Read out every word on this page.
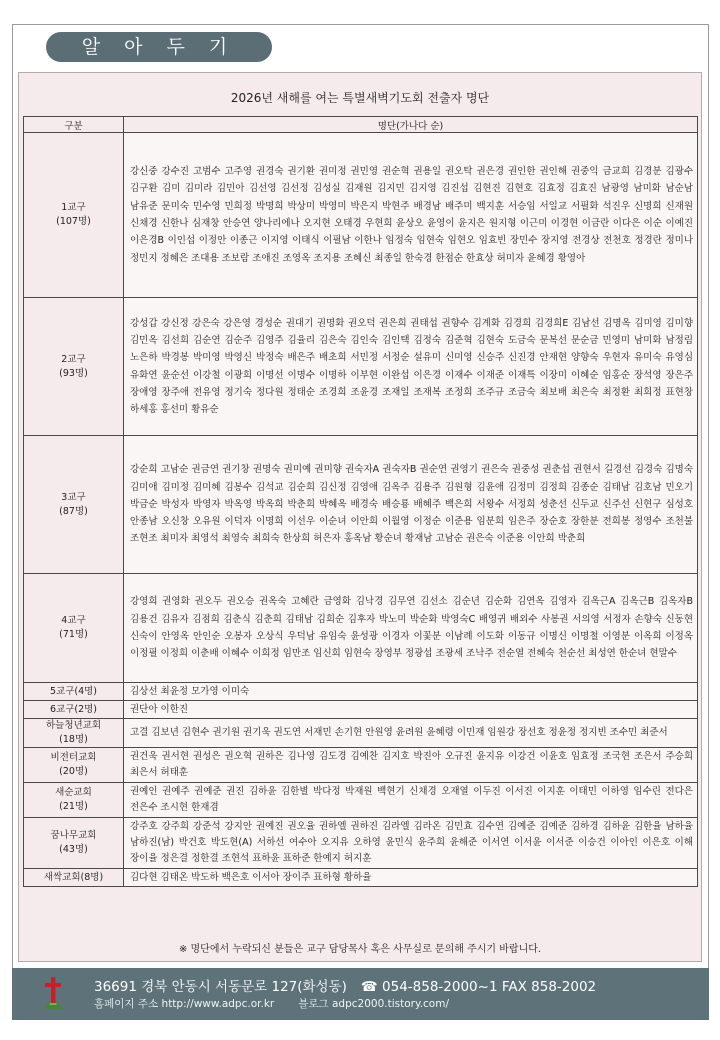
알 아 두 기
2026년 새해를 여는 특별새벽기도회 전출자 명단
구분	명단(가나다 순)

1교구
(107명)	강신중 강수진 고범수 고주영 권경숙 권기환 권미정 권민영 권순혁 권용일 권오탁 권은경 권인한 권인해 권중익 금교희 김경분 김광수 김구환 김미 김미라 김민아 김선영 김선정 김성실 김재원 김지민 김지영 김진섭 김현진 김현호 김효정 김효진 남광영 남미화 남순남 남유준 문미숙 민수영 민희정 박명희 박상미 박영미 박은지 박현주 배경남 배주미 백지훈 서승임 서일교 서필화 석진우 신명희 신재원 신채경 신한나 심재창 안승연 양나리에나 오지현 오태경 우현희 윤상오 윤영이 윤지은 원지형 이근미 이경현 이금란 이다은 이순 이예진 이은경B 이인섭 이정안 이종근 이지영 이태식 이필남 이한나 임정숙 임현숙 임현오 임효빈 장민수 장지영 전경상 전천호 정경란 정미나 정민지 정혜은 조대용 조보람 조애진 조영옥 조지용 조혜신 최종일 한숙경 한점순 한효상 허미자 윤혜경 황영아

2교구
(93명)	강성갑 강신정 강은숙 강은영 경성순 권대기 권명화 권오덕 권은희 권태섭 권향수 김계화 김경희 김경희E 김남선 김명옥 김미영 김미향 김민옥 김선희 김순연 김순주 김영주 김율리 김은숙 김인숙 김인택 김정숙 김준혁 김현숙 도금숙 문복선 문순금 민영미 남미화 남정림 노은하 박경봉 박미영 박영신 박정숙 배은주 배초희 서민정 서정순 설유미 신미영 신승주 신진경 안재현 양향숙 우현자 유미숙 유영심 유화연 윤순선 이강철 이광희 이명선 이명수 이명하 이부현 이완섭 이은경 이재수 이재준 이재특 이장미 이혜순 임홍순 장석영 장은주 장애영 장주애 전유영 정기숙 정다원 정태순 조경희 조윤경 조재일 조재복 조정희 조주규 조금숙 최보배 최은숙 최정환 최희정 표현창 하세홍 홍선미 황유순

3교구
(87명)	강순희 고남순 권금연 권기창 권명숙 권미예 권미향 권숙자A 권숙자B 권순연 권영기 권은숙 권중성 권춘섭 권현서 길경선 김경숙 김명숙 김미애 김미정 김미혜 김봉수 김석교 김순희 김신정 김영애 김옥주 김용주 김원형 김윤애 김정미 김정희 김종순 김태남 김호남 민오기 박금순 박성자 박영자 박옥영 박옥희 박춘희 박혜옥 배경숙 배승룡 배혜주 백은희 서왕수 서정희 성춘선 신두교 신주선 신현구 심성호 안종남 오신창 오유원 이덕자 이명희 이선우 이순녀 이안희 이월영 이정순 이준용 임분희 임은주 장순호 장한분 전희봉 정영수 조천불 조현조 최미자 최영석 최영숙 최희숙 한상희 허은자 홍옥남 황순녀 황재남 고남순 권은숙 이준용 이안희 박춘희

4교구
(71명)	강영희 권영화 권오두 권오승 권옥숙 고혜란 금영화 김낙경 김무연 김선소 김순년 김순화 김연옥 김영자 김옥근A 김옥근B 김옥자B 김용건 김유자 김점희 김춘식 김춘희 김태남 김희순 김후자 박노미 박순화 박영숙C 배영귀 배외수 사봉권 서의영 서정자 손향숙 신동현 신숙이 안영옥 안인순 오봉자 오상식 우덕남 유임숙 윤성광 이경자 이꽃분 이남례 이도화 이동규 이명신 이명철 이영분 이옥희 이정옥 이정필 이정희 이춘배 이혜수 이희정 임만조 임신희 임현숙 장영부 정광섭 조광세 조낙주 전순열 전혜숙 천순선 최성연 한순녀 현말수
5교구(4명)	김상선 최윤정 모가영 이미숙
6교구(2명)	권단아 이한진

하늘청년교회
(18명)	고결 김보년 김현수 권기원 권기욱 권도연 서재민 손기현 안원영 윤려원 윤혜령 이민재 임원강 장선호 정윤정 정지빈 조수민 최준서

비전터교회
(20명)	권건욱 권서현 권성은 권오혁 권하은 김나영 김도경 김예찬 김지호 박진아 오규진 윤지유 이강건 이윤호 임효정 조국현 조은서 주승희 최은서 허태훈

새순교회
(21명)	권예인 권예주 권예준 권진 김하윤 김한별 박다정 박재원 백현기 신채경 오재열 이두진 이서진 이지훈 이태민 이하영 임수린 전다은 전은수 조시현 한재겸

꿈나무교회
(43명)	강주호 강주희 강준석 강지안 권예진 권오율 권하엘 권하진 김라엘 김라온 김민효 김수연 김예준 김예준 김하경 김하윤 김한율 남하율 남하진(남) 박건호 박도현(A) 서하선 여수아 오지유 오하영 윤민식 윤주희 윤해준 이서연 이서윤 이서준 이승건 이아인 이은호 이해 장이율 정은결 정한결 조현석 표하윤 표하준 한예지 허지훈
새싹교회(8명)	김다현 김태온 박도하 백은호 이서아 장이주 표하형 황하율
※ 명단에서 누락되신 분들은 교구 담당목사 혹은 사무실로 문의해 주시기 바랍니다.
36691 경북 안동시 서동문로 127(화성동) ☎ 054-858-2000~1 FAX 858-2002
홈페이지 주소 http://www.adpc.or.kr 블로그 adpc2000.tistory.com/
